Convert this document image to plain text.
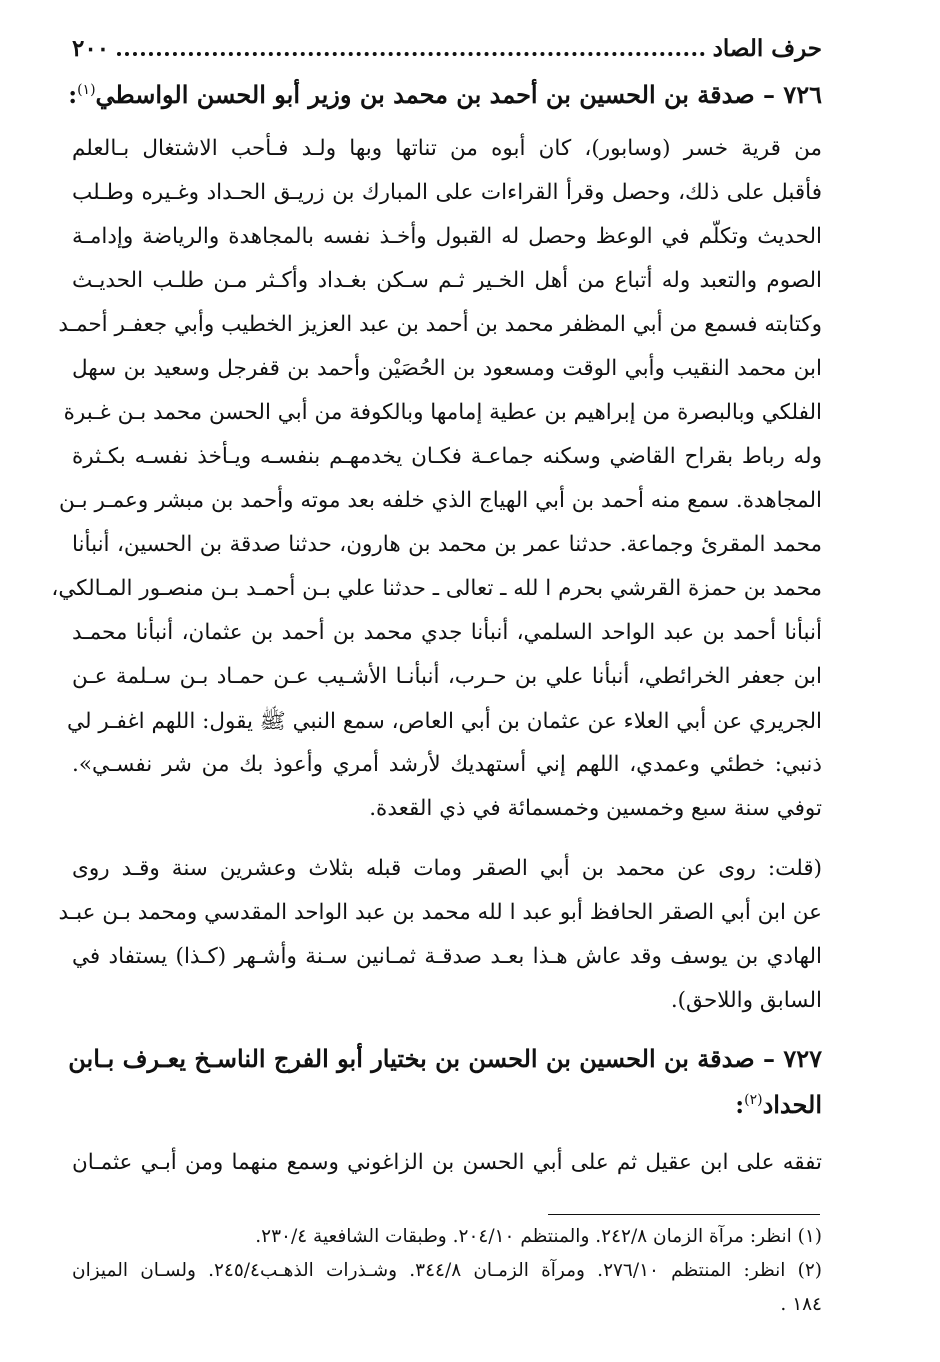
حرف الصاد
٢٠٠
٧٢٦ – صدقة بن الحسين بن أحمد بن محمد بن وزير أبو الحسن الواسطي$^{(١)}$:
من قرية خسر (وسابور)، كان أبوه من تناتها وبها ولـد فـأحب الاشتغال بـالعلم
فأقبل على ذلك، وحصل وقرأ القراءات على المبارك بن زريـق الحـداد وغـيره وطـلب
الحديث وتكلّم في الوعظ وحصل له القبول وأخـذ نفسه بالمجاهدة والرياضة وإدامـة
الصوم والتعبد وله أتباع من أهل الخـير ثـم سـكن بغـداد وأكـثر مـن طلـب الحديـث
وكتابته فسمع من أبي المظفر محمد بن أحمد بن عبد العزيز الخطيب وأبي جعفـر أحمـد
ابن محمد النقيب وأبي الوقت ومسعود بن الحُصَيْن وأحمد بن قفرجل وسعيد بن سهل
الفلكي وبالبصرة من إبراهيم بن عطية إمامها وبالكوفة من أبي الحسن محمد بـن غـبرة
وله رباط بقراح القاضي وسكنه جماعـة فكـان يخدمهـم بنفسـه ويـأخذ نفسـه بكـثرة
المجاهدة. سمع منه أحمد بن أبي الهياج الذي خلفه بعد موته وأحمد بن مبشر وعمـر بـن
محمد المقرئ وجماعة. حدثنا عمر بن محمد بن هارون، حدثنا صدقة بن الحسين، أنبأنا
محمد بن حمزة القرشي بحرم ا لله ـ تعالى ـ حدثنا علي بـن أحمـد بـن منصـور المـالكي،
أنبأنا أحمد بن عبد الواحد السلمي، أنبأنا جدي محمد بن أحمد بن عثمان، أنبأنا محمـد
ابن جعفر الخرائطي، أنبأنا علي بن حـرب، أنبأنـا الأشـيب عـن حمـاد بـن سـلمة عـن
الجريري عن أبي العلاء عن عثمان بن أبي العاص، سمع النبي ﷺ يقول: اللهم اغفـر لي
ذنبي: خطئي وعمدي، اللهم إني أستهديك لأرشد أمري وأعوذ بك من شر نفسـي».
توفي سنة سبع وخمسين وخمسمائة في ذي القعدة.
(قلت: روى عن محمد بن أبي الصقر ومات قبله بثلاث وعشرين سنة وقـد روى
عن ابن أبي الصقر الحافظ أبو عبد ا لله محمد بن عبد الواحد المقدسي ومحمد بـن عبـد
الهادي بن يوسف وقد عاش هـذا بعـد صدقـة ثمـانين سـنة وأشـهر (كـذا) يستفاد في
السابق واللاحق).
٧٢٧ – صدقة بن الحسين بن الحسن بن بختيار أبو الفرج الناسـخ يعـرف بـابن
الحداد$^{(٢)}$:
تفقه على ابن عقيل ثم على أبي الحسن بن الزاغوني وسمع منهما ومن أبـي عثمـان
(١) انظر: مرآة الزمان ٢٤٢/٨. والمنتظم ٢٠٤/١٠. وطبقات الشافعية ٢٣٠/٤.
(٢) انظر: المنتظم ٢٧٦/١٠. ومرآة الزمـان ٣٤٤/٨. وشـذرات الذهـب٢٤٥/٤. ولسـان الميزان
١٨٤ .
